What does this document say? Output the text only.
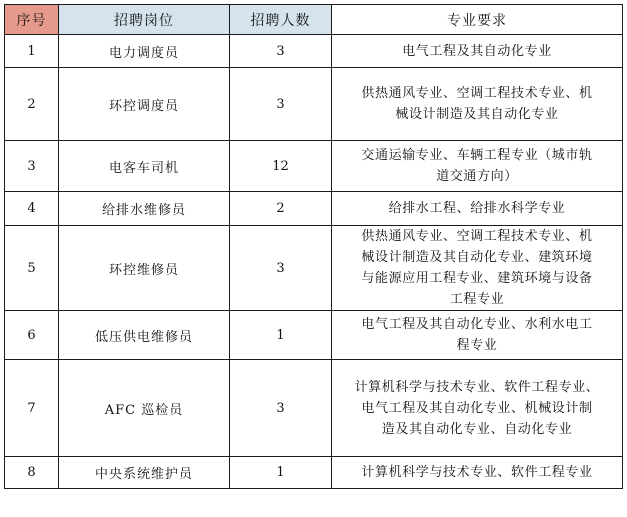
序号	招聘岗位	招聘人数	专业要求
1	电力调度员	3	电气工程及其自动化专业

2	环控调度员	3	供热通风专业、空调工程技术专业、机
械设计制造及其自动化专业

3	电客车司机	12	交通运输专业、车辆工程专业（城市轨
道交通方向）

4	给排水维修员	2	给排水工程、给排水科学专业

5	环控维修员	3	供热通风专业、空调工程技术专业、机
械设计制造及其自动化专业、建筑环境
与能源应用工程专业、建筑环境与设备
工程专业

6	低压供电维修员	1	电气工程及其自动化专业、水利水电工
程专业

7	AFC 巡检员	3	计算机科学与技术专业、软件工程专业、
电气工程及其自动化专业、机械设计制
造及其自动化专业、自动化专业

8	中央系统维护员	1	计算机科学与技术专业、软件工程专业
